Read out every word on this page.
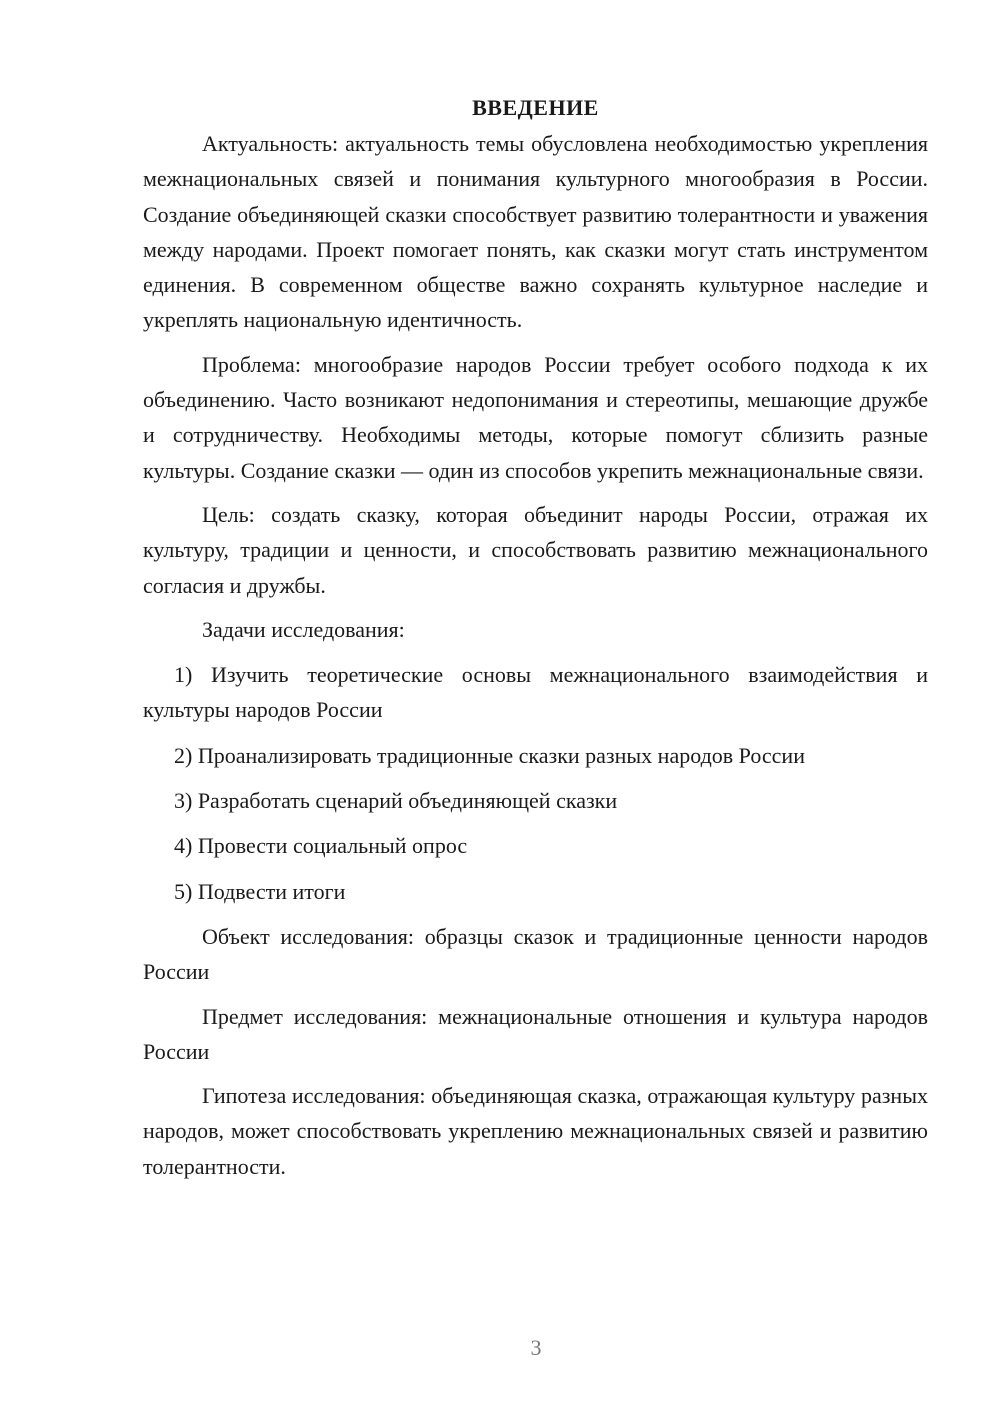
ВВЕДЕНИЕ

Актуальность: актуальность темы обусловлена необходимостью укрепления межнациональных связей и понимания культурного многообразия в России. Создание объединяющей сказки способствует развитию толерантности и уважения между народами. Проект помогает понять, как сказки могут стать инструментом единения. В современном обществе важно сохранять культурное наследие и укреплять национальную идентичность.

Проблема: многообразие народов России требует особого подхода к их объединению. Часто возникают недопонимания и стереотипы, мешающие дружбе и сотрудничеству. Необходимы методы, которые помогут сблизить разные культуры. Создание сказки — один из способов укрепить межнациональные связи.

Цель: создать сказку, которая объединит народы России, отражая их культуру, традиции и ценности, и способствовать развитию межнационального согласия и дружбы.

Задачи исследования:

1) Изучить теоретические основы межнационального взаимодействия и культуры народов России

2) Проанализировать традиционные сказки разных народов России

3) Разработать сценарий объединяющей сказки

4) Провести социальный опрос

5) Подвести итоги

Объект исследования: образцы сказок и традиционные ценности народов России

Предмет исследования: межнациональные отношения и культура народов России

Гипотеза исследования: объединяющая сказка, отражающая культуру разных народов, может способствовать укреплению межнациональных связей и развитию толерантности.

3
